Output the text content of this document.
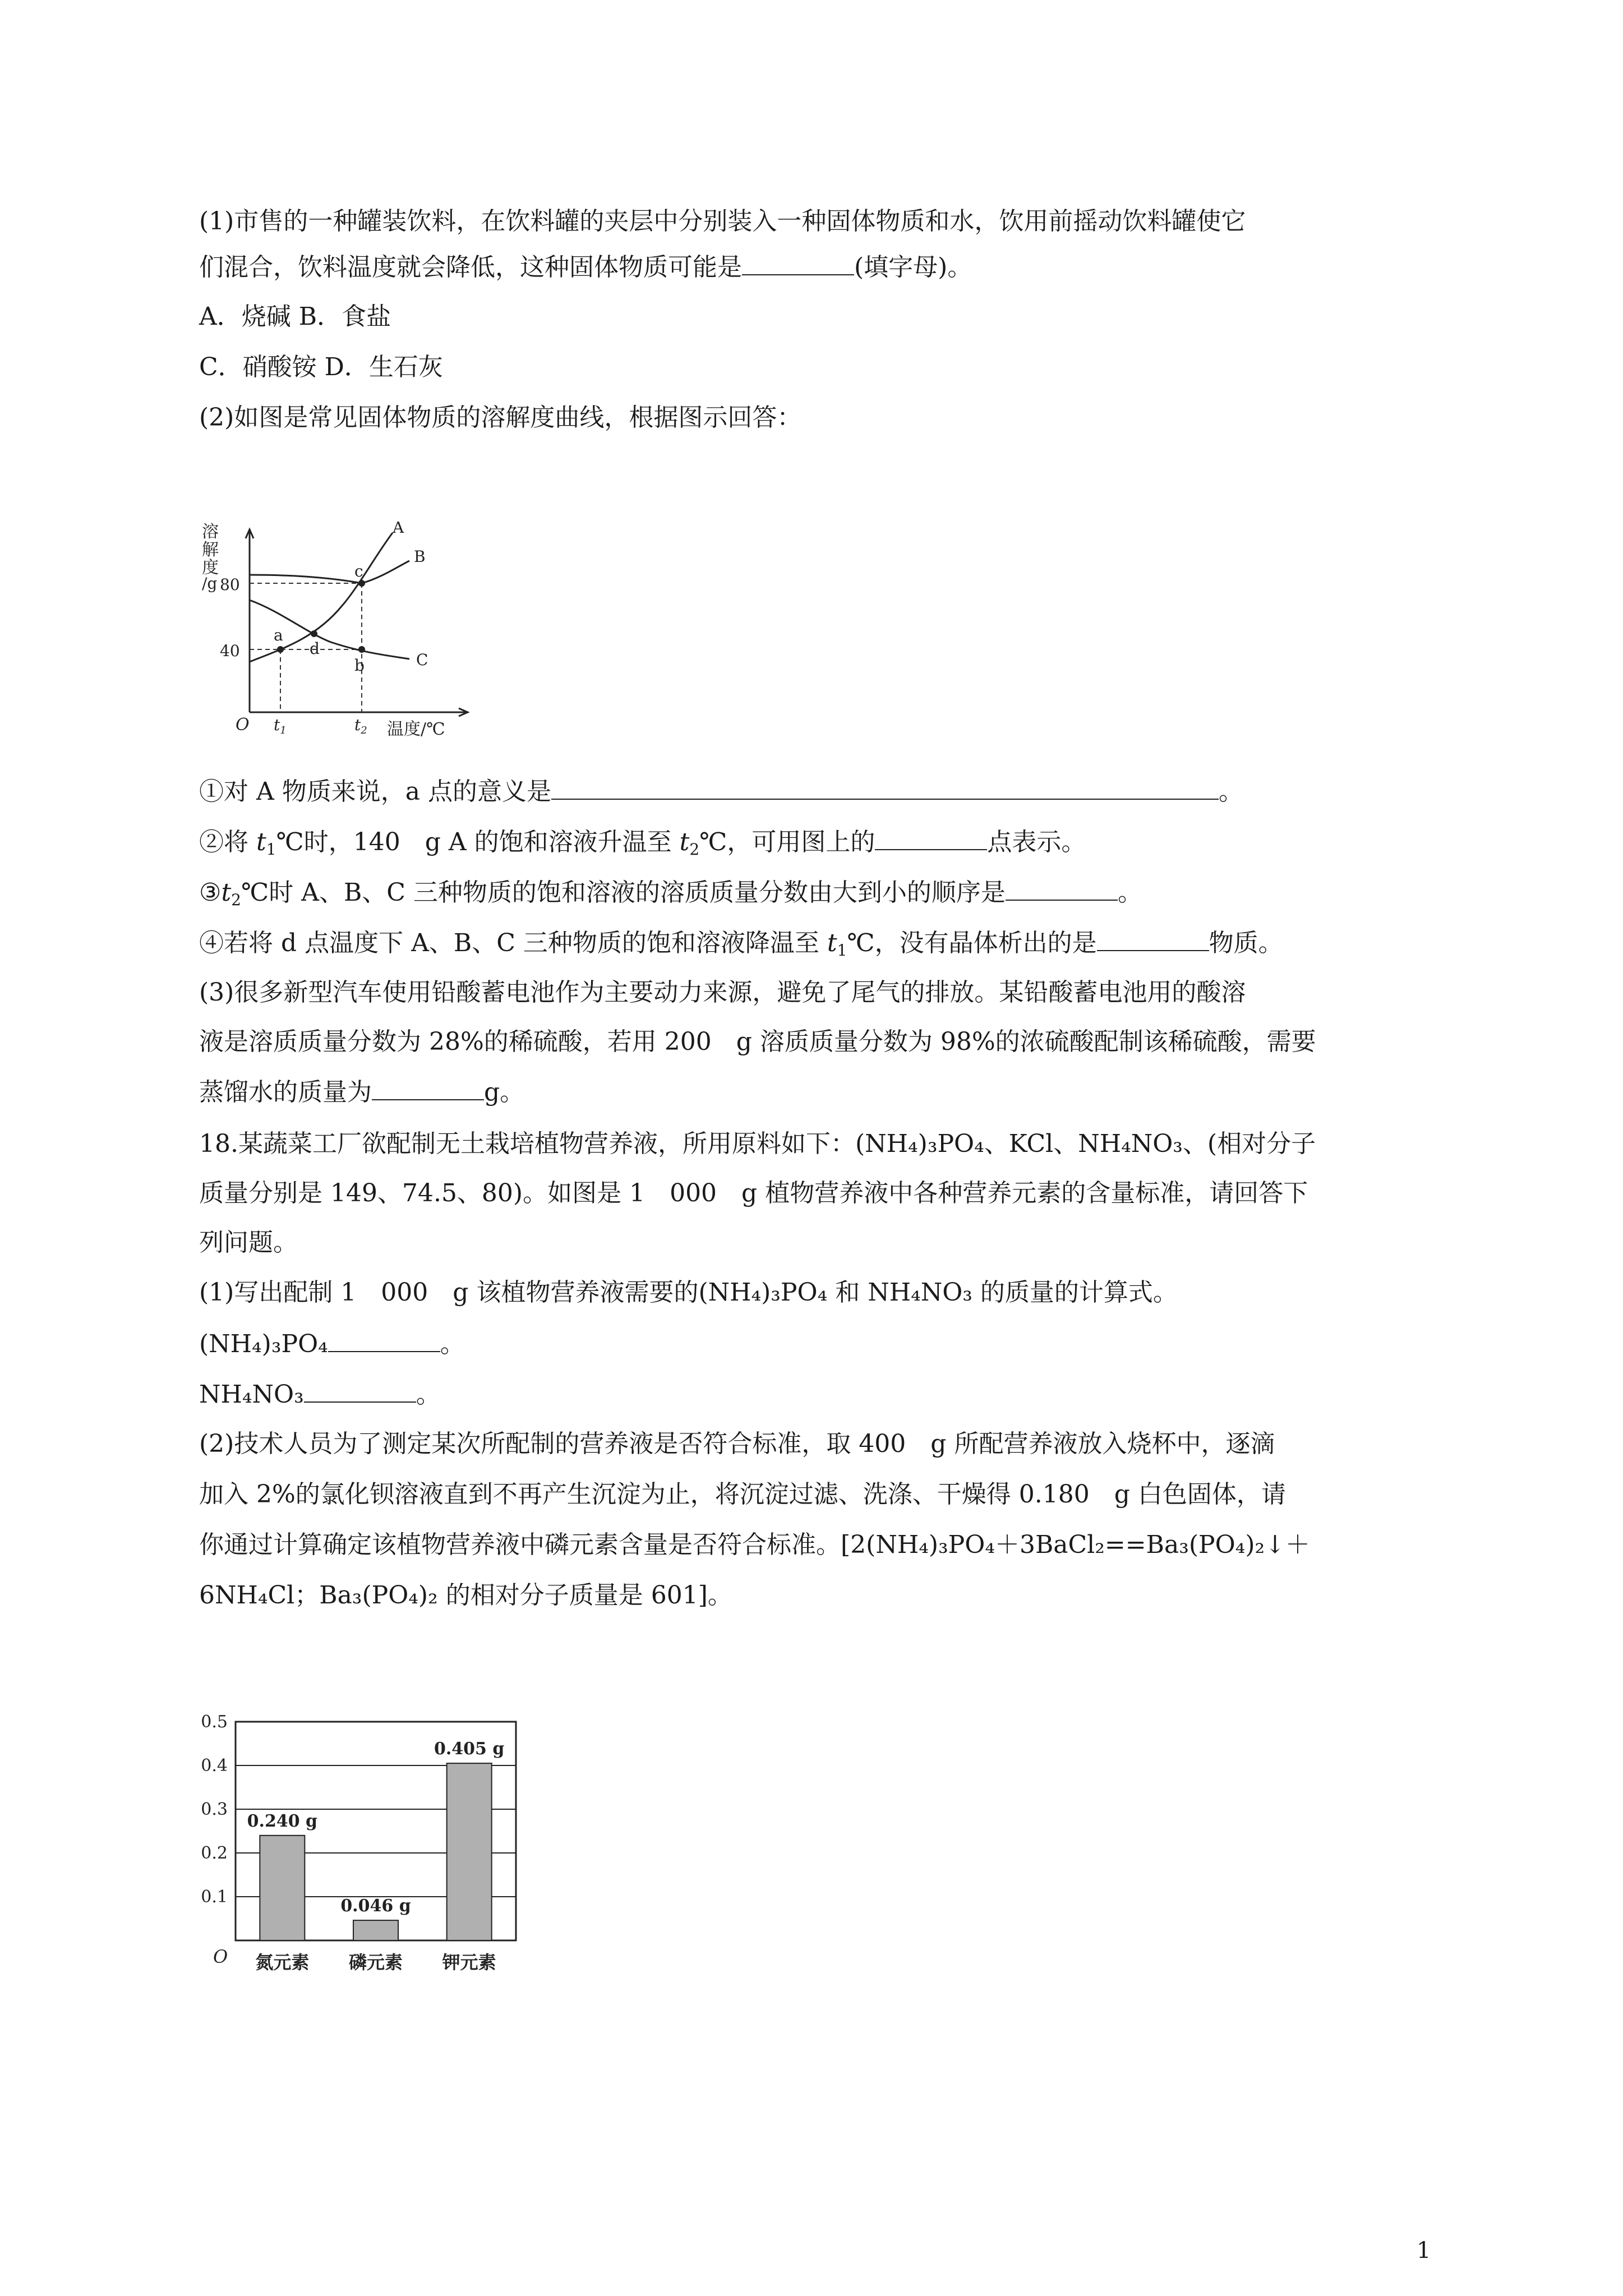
(1)市售的一种罐装饮料，在饮料罐的夹层中分别装入一种固体物质和水，饮用前摇动饮料罐使它
们混合，饮料温度就会降低，这种固体物质可能是	(填字母)。
A．烧碱 B．食盐
C．硝酸铵 D．生石灰
(2)如图是常见固体物质的溶解度曲线，根据图示回答：
溶
解
度
/g 80
40
O $t_1$	$t_2$ 温度/℃
A
B
C
a
b
c
d
①对 A 物质来说，a 点的意义是	。
②将 $t_1℃$时，140　g A 的饱和溶液升温至 $t_2℃$，可用图上的	点表示。
$③t_2℃$时 A、B、C 三种物质的饱和溶液的溶质质量分数由大到小的顺序是	。
④若将 d 点温度下 A、B、C 三种物质的饱和溶液降温至 $t_1℃$，没有晶体析出的是	物质。
(3)很多新型汽车使用铅酸蓄电池作为主要动力来源，避免了尾气的排放。某铅酸蓄电池用的酸溶
液是溶质质量分数为 28%的稀硫酸，若用 200　g 溶质质量分数为 98%的浓硫酸配制该稀硫酸，需要
蒸馏水的质量为	g。
18.某蔬菜工厂欲配制无土栽培植物营养液，所用原料如下：(NH₄)₃PO₄、KCl、NH₄NO₃、(相对分子
质量分别是 149、74.5、80)。如图是 1　000　g 植物营养液中各种营养元素的含量标准，请回答下
列问题。
(1)写出配制 1　000　g 该植物营养液需要的(NH₄)₃PO₄ 和 NH₄NO₃ 的质量的计算式。
(NH₄)₃PO₄	。
NH₄NO₃	。
(2)技术人员为了测定某次所配制的营养液是否符合标准，取 400　g 所配营养液放入烧杯中，逐滴
加入 2%的氯化钡溶液直到不再产生沉淀为止，将沉淀过滤、洗涤、干燥得 0.180　g 白色固体，请
你通过计算确定该植物营养液中磷元素含量是否符合标准。[2(NH₄)₃PO₄＋3BaCl₂==Ba₃(PO₄)₂↓＋
6NH₄Cl；Ba₃(PO₄)₂ 的相对分子质量是 601]。
0.1
0.2
0.3
0.4
0.5
O
0.240 g
氮元素
0.046 g
磷元素
0.405 g
钾元素
1
